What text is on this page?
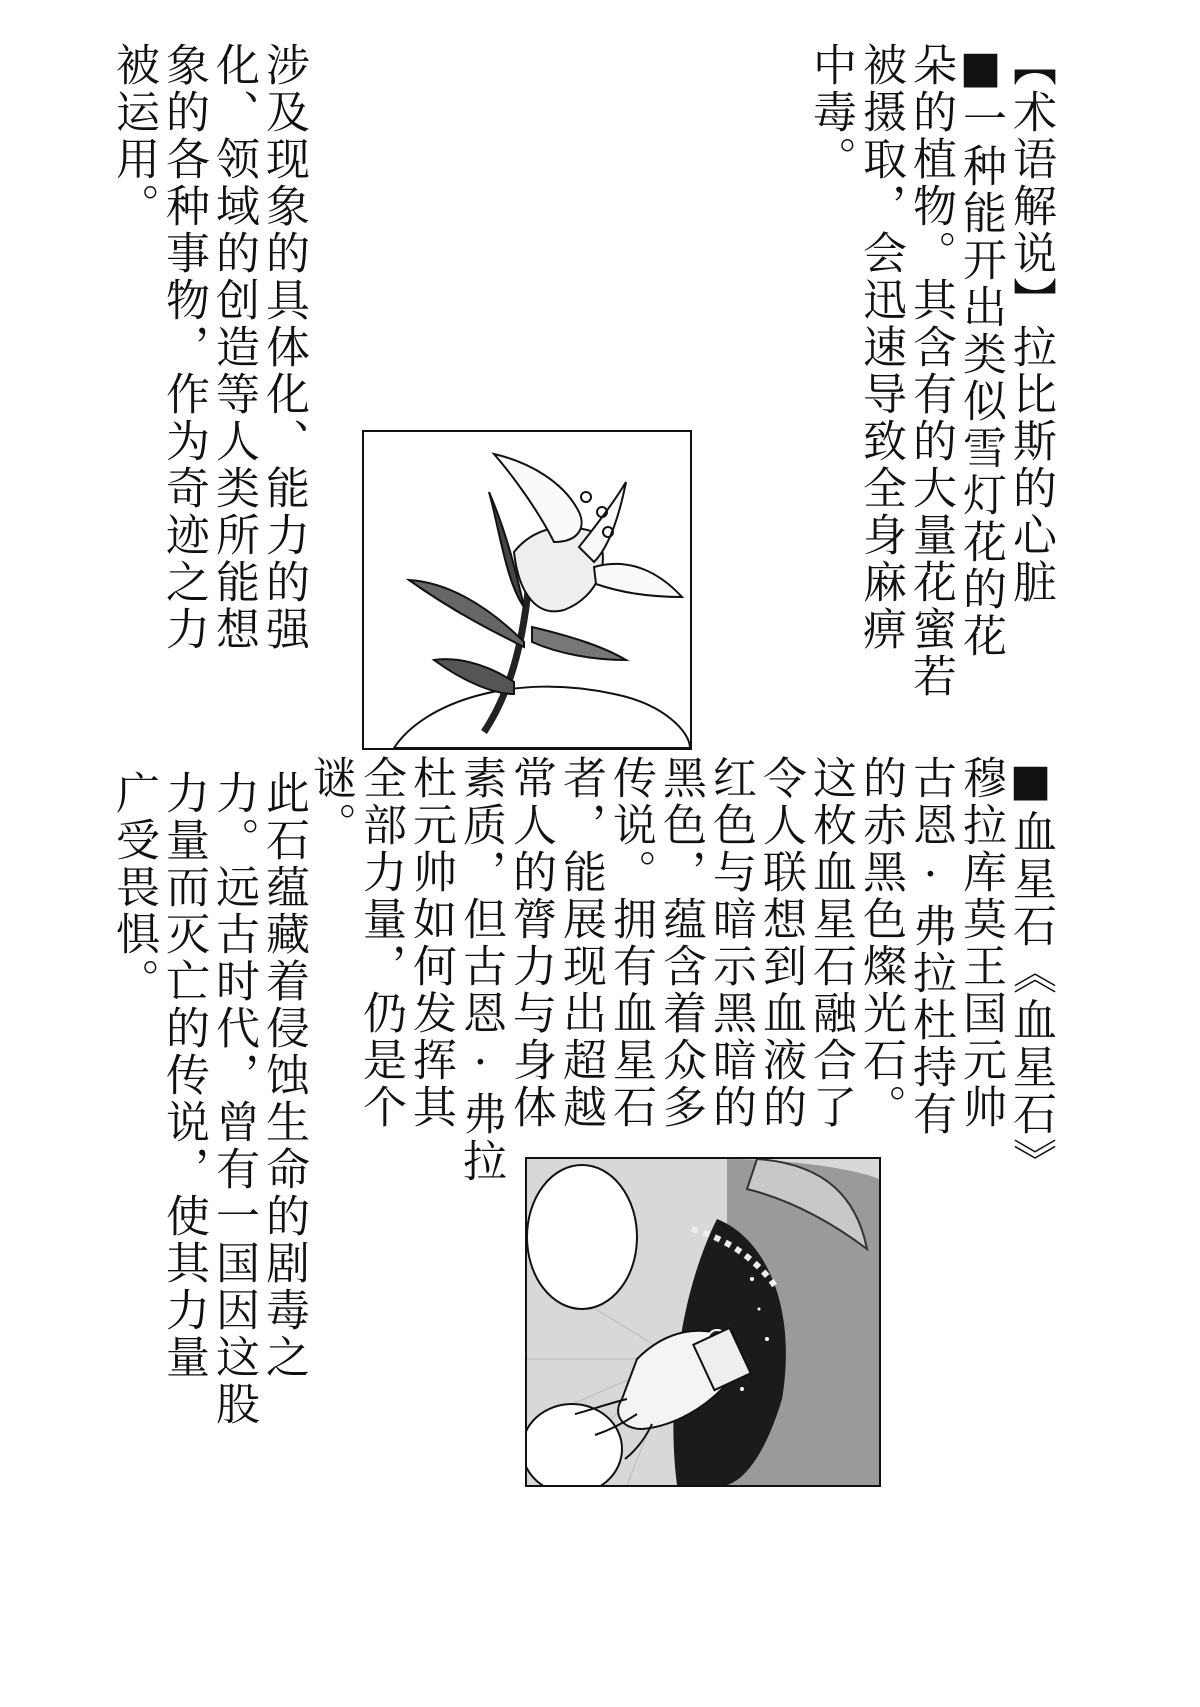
【术语解说】拉比斯的心脏

■一种能开出类似雪灯花的花

朵的植物。其含有的大量花蜜若

被摄取，会迅速导致全身麻痹

中毒。

涉及现象的具体化、能力的强

化、领域的创造等人类所能想

象的各种事物，作为奇迹之力

被运用。

■血星石《血星石》

穆拉库莫王国元帅

古恩·弗拉杜持有

的赤黑色燦光石。

这枚血星石融合了

令人联想到血液的

红色与暗示黑暗的

黑色，蕴含着众多

传说。拥有血星石

者，能展现出超越

常人的膂力与身体

素质，但古恩·弗拉

杜元帅如何发挥其

全部力量，仍是个

谜。

此石蕴藏着侵蚀生命的剧毒之

力。远古时代，曾有一国因这股

力量而灭亡的传说，使其力量

广受畏惧。
